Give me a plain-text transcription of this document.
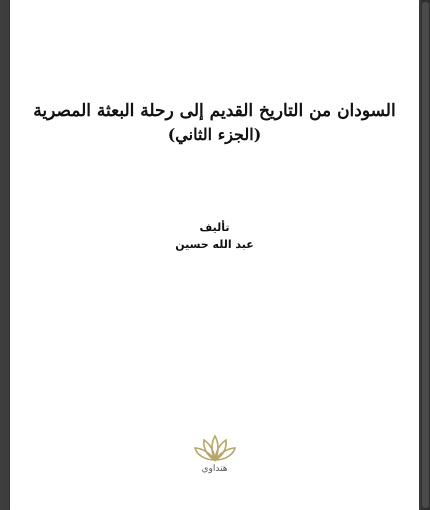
السودان من التاريخ القديم إلى رحلة البعثة المصرية
(الجزء الثاني)
تأليف
عبد الله حسين
هنداوي
